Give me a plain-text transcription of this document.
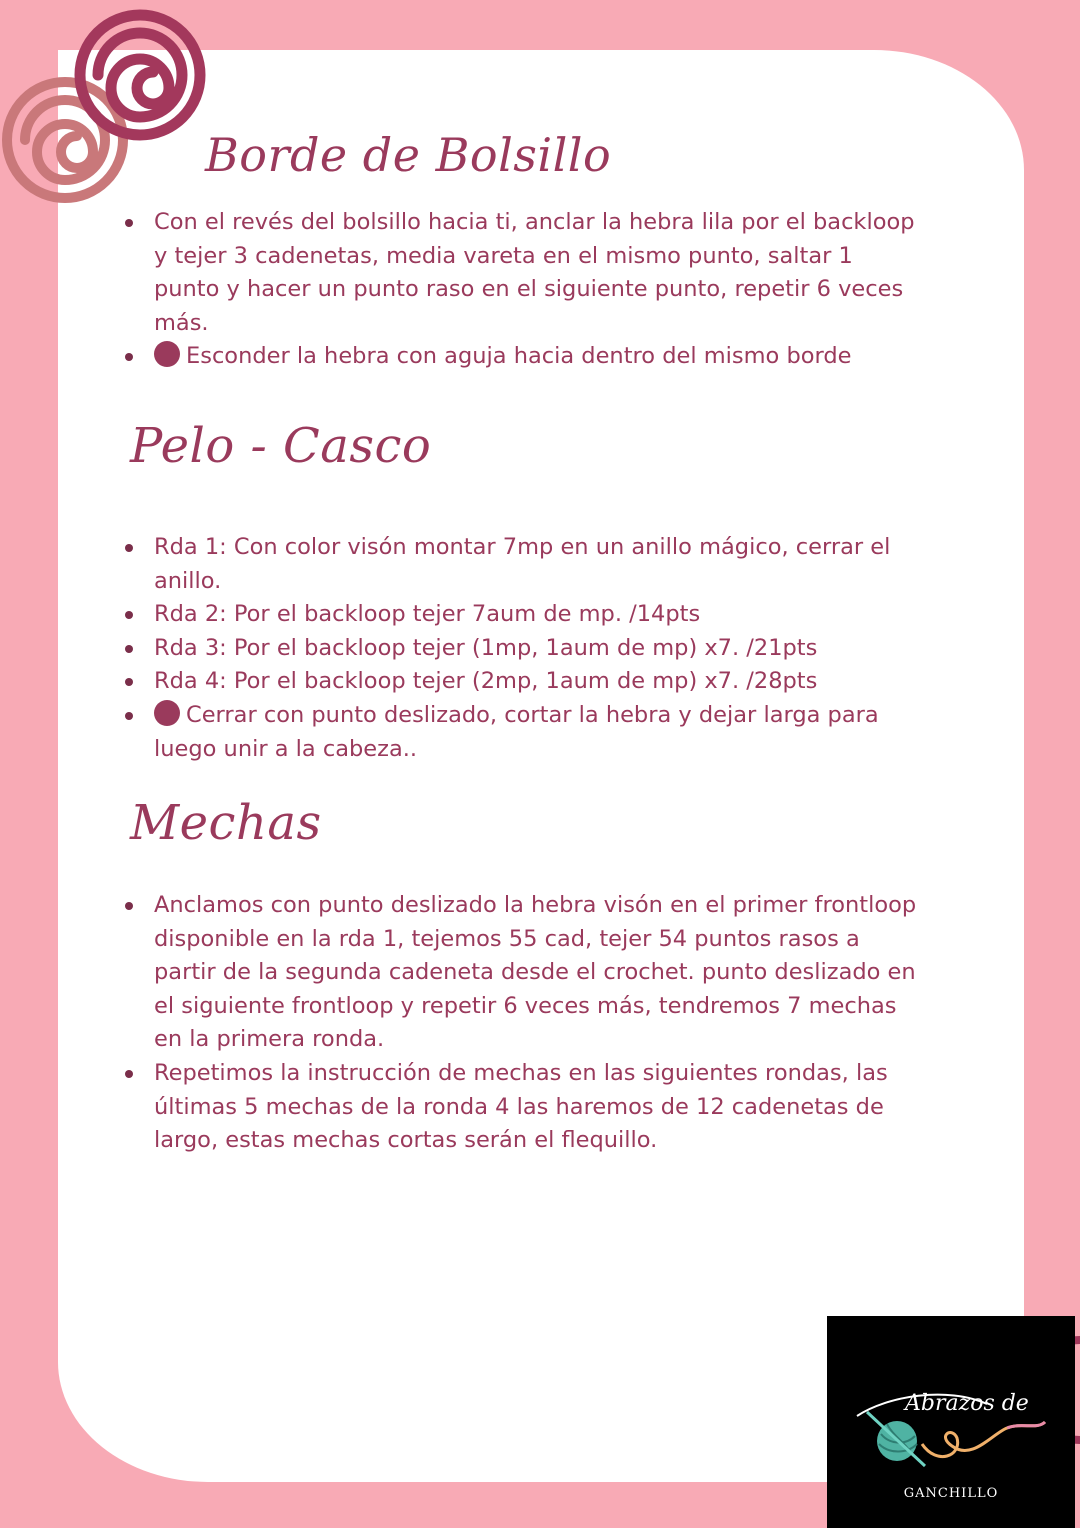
Borde de Bolsillo
Con el revés del bolsillo hacia ti, anclar la hebra lila por el backloop y tejer 3 cadenetas, media vareta en el mismo punto, saltar 1 punto y hacer un punto raso en el siguiente punto, repetir 6 veces más.
Esconder la hebra con aguja hacia dentro del mismo borde
Pelo - Casco
Rda 1: Con color visón montar 7mp en un anillo mágico, cerrar el anillo.
Rda 2: Por el backloop tejer 7aum de mp. /14pts
Rda 3: Por el backloop tejer (1mp, 1aum de mp) x7. /21pts
Rda 4: Por el backloop tejer (2mp, 1aum de mp) x7. /28pts
Cerrar con punto deslizado, cortar la hebra y dejar larga para luego unir a la cabeza..
Mechas
Anclamos con punto deslizado la hebra visón en el primer frontloop disponible en la rda 1, tejemos 55 cad, tejer 54 puntos rasos a partir de la segunda cadeneta desde el crochet. punto deslizado en el siguiente frontloop y repetir 6 veces más, tendremos 7 mechas en la primera ronda.
Repetimos la instrucción de mechas en las siguientes rondas, las últimas 5 mechas de la ronda 4 las haremos de 12 cadenetas de largo, estas mechas cortas serán el flequillo.
Abrazos de
GANCHILLO
